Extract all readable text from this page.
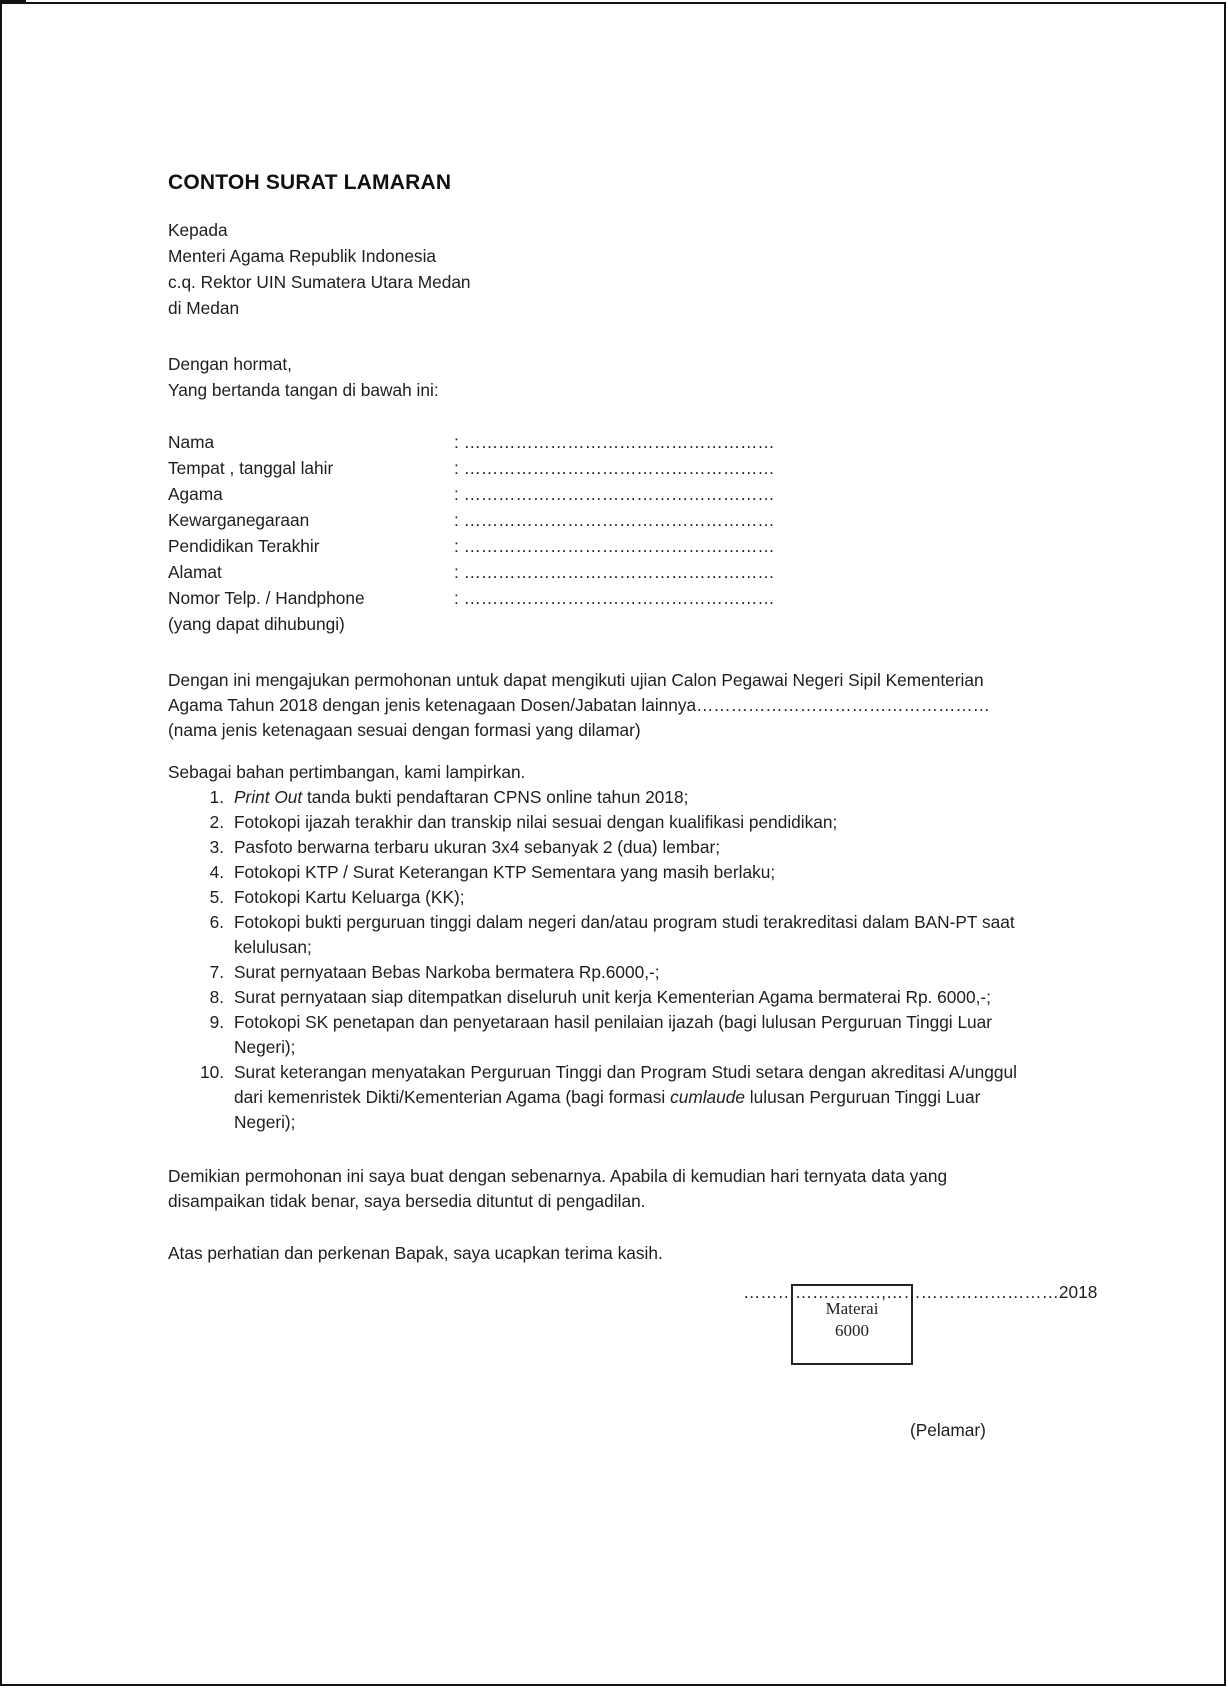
CONTOH SURAT LAMARAN
Kepada
Menteri Agama Republik Indonesia
c.q. Rektor UIN Sumatera Utara Medan
di Medan
Dengan hormat,
Yang bertanda tangan di bawah ini:
Nama	: ………………………………………………
Tempat , tanggal lahir	: ………………………………………………
Agama	: ………………………………………………
Kewarganegaraan	: ………………………………………………
Pendidikan Terakhir	: ………………………………………………
Alamat	: ………………………………………………
Nomor Telp. / Handphone	: ………………………………………………
(yang dapat dihubungi)
Dengan ini mengajukan permohonan untuk dapat mengikuti ujian Calon Pegawai Negeri Sipil Kementerian
Agama Tahun 2018 dengan jenis ketenagaan Dosen/Jabatan lainnya……………………………………………
(nama jenis ketenagaan sesuai dengan formasi yang dilamar)
Sebagai bahan pertimbangan, kami lampirkan.
1. Print Out tanda bukti pendaftaran CPNS online tahun 2018;
2. Fotokopi ijazah terakhir dan transkip nilai sesuai dengan kualifikasi pendidikan;
3. Pasfoto berwarna terbaru ukuran 3x4 sebanyak 2 (dua) lembar;
4. Fotokopi KTP / Surat Keterangan KTP Sementara yang masih berlaku;
5. Fotokopi Kartu Keluarga (KK);
6. Fotokopi bukti perguruan tinggi dalam negeri dan/atau program studi terakreditasi dalam BAN-PT saat
kelulusan;
7. Surat pernyataan Bebas Narkoba bermatera Rp.6000,-;
8. Surat pernyataan siap ditempatkan diseluruh unit kerja Kementerian Agama bermaterai Rp. 6000,-;
9. Fotokopi SK penetapan dan penyetaraan hasil penilaian ijazah (bagi lulusan Perguruan Tinggi Luar
Negeri);
10. Surat keterangan menyatakan Perguruan Tinggi dan Program Studi setara dengan akreditasi A/unggul
dari kemenristek Dikti/Kementerian Agama (bagi formasi cumlaude lulusan Perguruan Tinggi Luar
Negeri);
Demikian permohonan ini saya buat dengan sebenarnya. Apabila di kemudian hari ternyata data yang
disampaikan tidak benar, saya bersedia dituntut di pengadilan.
Atas perhatian dan perkenan Bapak, saya ucapkan terima kasih.
……………………,…………………………2018
Materai
6000
(Pelamar)
